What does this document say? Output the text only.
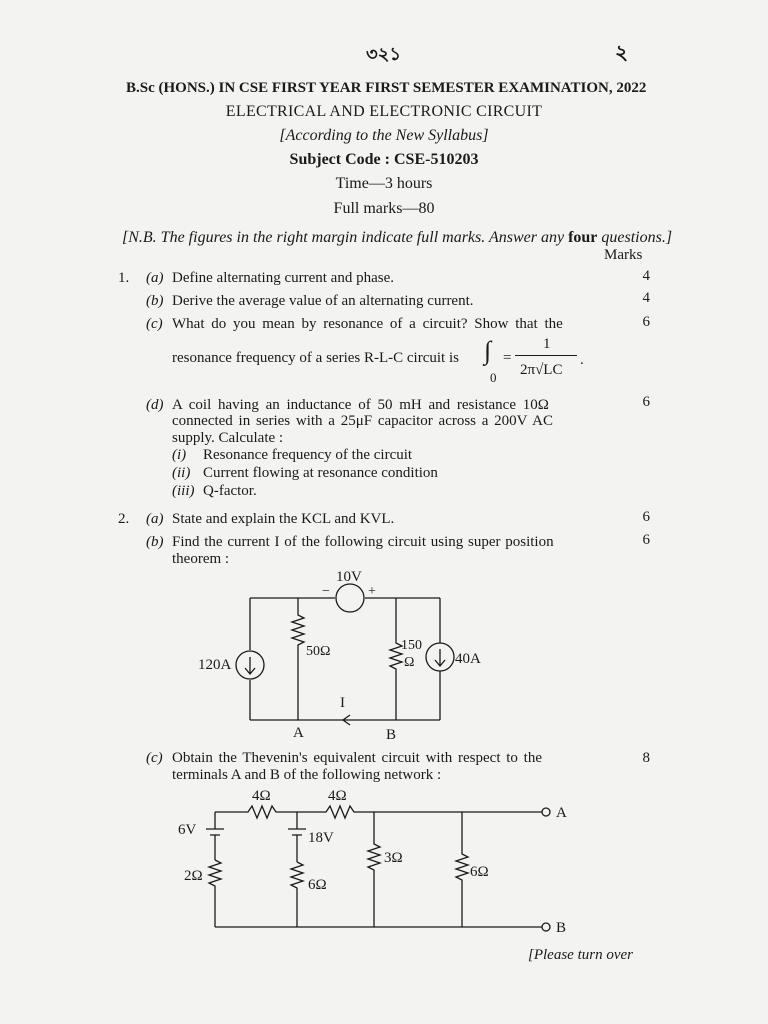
৩২১	২
B.Sc (HONS.) IN CSE FIRST YEAR FIRST SEMESTER EXAMINATION, 2022
ELECTRICAL AND ELECTRONIC CIRCUIT
[According to the New Syllabus]
Subject Code : CSE-510203
Time—3 hours
Full marks—80
[N.B. The figures in the right margin indicate full marks. Answer any four questions.]
Marks
1. (a) Define alternating current and phase.	4
(b) Derive the average value of an alternating current.	4
(c) What do you mean by resonance of a circuit? Show that the	6
resonance frequency of a series R-L-C circuit is ∫
0
=
1
2π√LC
.
(d) A coil having an inductance of 50 mH and resistance 10Ω	6
connected in series with a 25μF capacitor across a 200V AC
supply. Calculate :
(i) Resonance frequency of the circuit
(ii) Current flowing at resonance condition
(iii) Q-factor.
2. (a) State and explain the KCL and KVL.	6
(b) Find the current I of the following circuit using super position	6
theorem :
10V
−	+
50Ω	150
Ω
120A	40A
I
A	B
(c) Obtain the Thevenin's equivalent circuit with respect to the	8
terminals A and B of the following network :
4Ω	4Ω
6V	18V
2Ω
6Ω
3Ω
6Ω
A
B
[Please turn over
